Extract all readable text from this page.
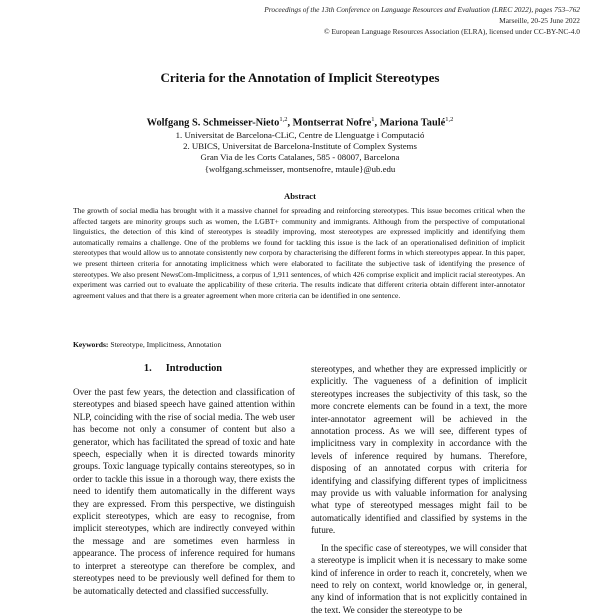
Proceedings of the 13th Conference on Language Resources and Evaluation (LREC 2022), pages 753–762
Marseille, 20-25 June 2022
© European Language Resources Association (ELRA), licensed under CC-BY-NC-4.0
Criteria for the Annotation of Implicit Stereotypes
Wolfgang S. Schmeisser-Nieto$^{1,2}$, Montserrat Nofre$^1$, Mariona Taulé$^{1,2}$
1. Universitat de Barcelona-CLiC, Centre de Llenguatge i Computació
2. UBICS, Universitat de Barcelona-Institute of Complex Systems
Gran Via de les Corts Catalanes, 585 - 08007, Barcelona
{wolfgang.schmeisser, montsenofre, mtaule}@ub.edu
Abstract
The growth of social media has brought with it a massive channel for spreading and reinforcing stereotypes. This issue becomes critical when the affected targets are minority groups such as women, the LGBT+ community and immigrants. Although from the perspective of computational linguistics, the detection of this kind of stereotypes is steadily improving, most stereotypes are expressed implicitly and identifying them automatically remains a challenge. One of the problems we found for tackling this issue is the lack of an operationalised definition of implicit stereotypes that would allow us to annotate consistently new corpora by characterising the different forms in which stereotypes appear. In this paper, we present thirteen criteria for annotating implicitness which were elaborated to facilitate the subjective task of identifying the presence of stereotypes. We also present NewsCom-Implicitness, a corpus of 1,911 sentences, of which 426 comprise explicit and implicit racial stereotypes. An experiment was carried out to evaluate the applicability of these criteria. The results indicate that different criteria obtain different inter-annotator agreement values and that there is a greater agreement when more criteria can be identified in one sentence.
Keywords: Stereotype, Implicitness, Annotation
1. Introduction

Over the past few years, the detection and classification of stereotypes and biased speech have gained attention within NLP, coinciding with the rise of social media. The web user has become not only a consumer of content but also a generator, which has facilitated the spread of toxic and hate speech, especially when it is directed towards minority groups. Toxic language typically contains stereotypes, so in order to tackle this issue in a thorough way, there exists the need to identify them automatically in the different ways they are expressed. From this perspective, we distinguish explicit stereotypes, which are easy to recognise, from implicit stereotypes, which are indirectly conveyed within the message and are sometimes even harmless in appearance. The process of inference required for humans to interpret a stereotype can therefore be complex, and stereotypes need to be previously well defined for them to be automatically detected and classified successfully.

stereotypes, and whether they are expressed implicitly or explicitly. The vagueness of a definition of implicit stereotypes increases the subjectivity of this task, so the more concrete elements can be found in a text, the more inter-annotator agreement will be achieved in the annotation process. As we will see, different types of implicitness vary in complexity in accordance with the levels of inference required by humans. Therefore, disposing of an annotated corpus with criteria for identifying and classifying different types of implicitness may provide us with valuable information for analysing what type of stereotyped messages might fail to be automatically identified and classified by systems in the future.

In the specific case of stereotypes, we will consider that a stereotype is implicit when it is necessary to make some kind of inference in order to reach it, concretely, when we need to rely on context, world knowledge or, in general, any kind of information that is not explicitly contained in the text. We consider the stereotype to be
